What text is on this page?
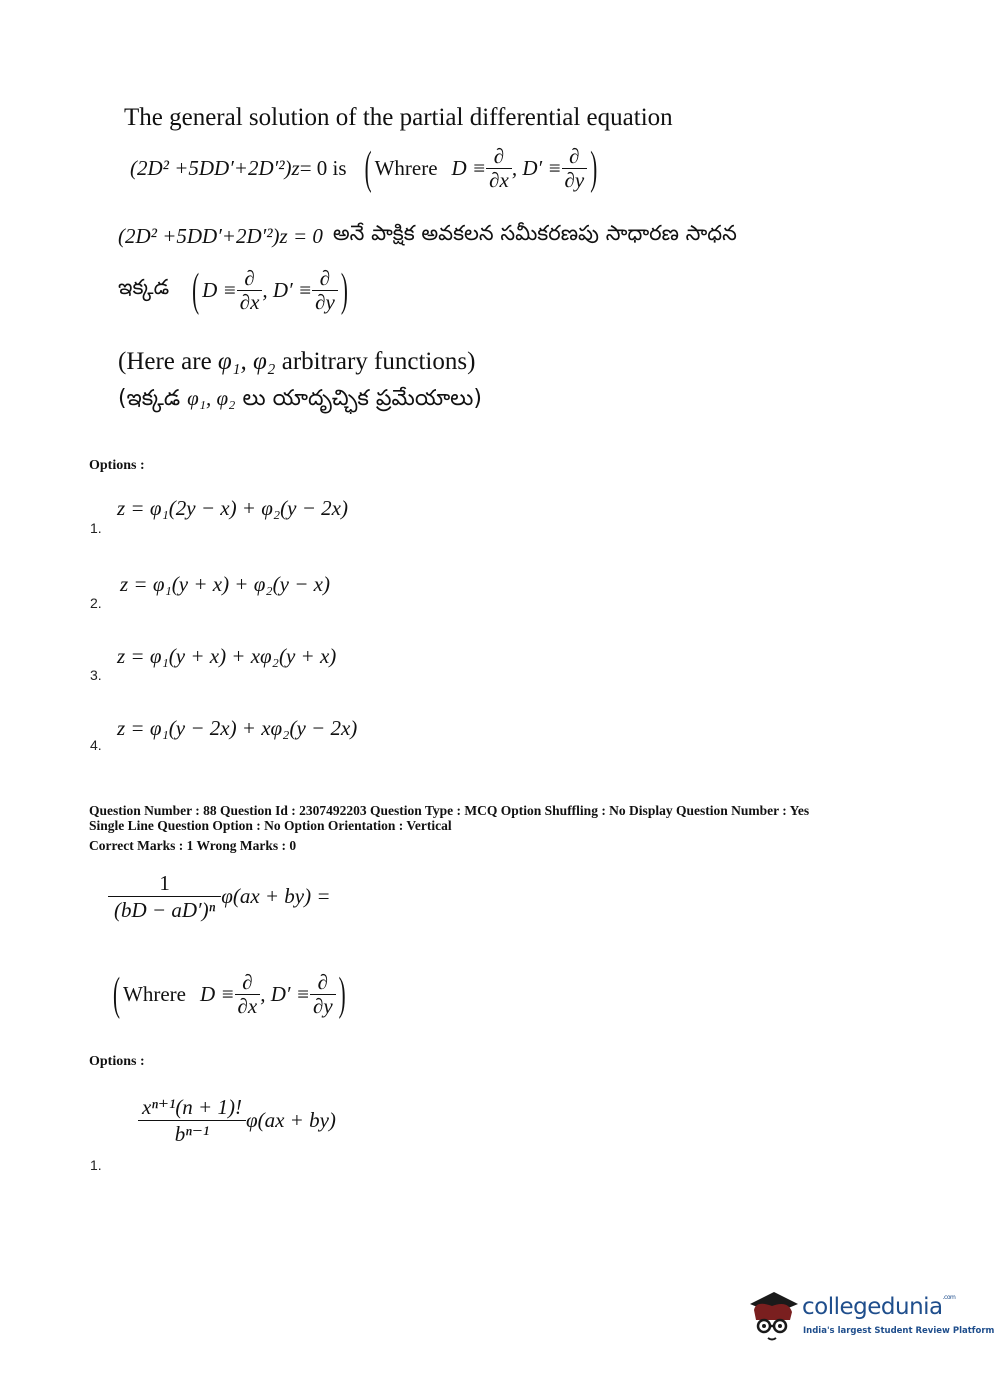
The general solution of the partial differential equation
(2D² +5DD′+2D′²)z = 0 is ( Whrere $D \equiv \frac{\partial}{\partial x}$ , $D' \equiv \frac{\partial}{\partial y}$ )
(2D² +5DD′+2D′²)z = 0 అనే పాక్షిక అవకలన సమీకరణపు సాధారణ సాధన
ఇక్కడ ( $D \equiv \frac{\partial}{\partial x}$ , $D' \equiv \frac{\partial}{\partial y}$ )
(Here are φ₁, φ₂ arbitrary functions)
(ఇక్కడ φ₁, φ₂ లు యాదృచ్ఛిక ప్రమేయాలు)
Options :
z = φ₁(2y − x) + φ₂(y − 2x)
1.
z = φ₁(y + x) + φ₂(y − x)
2.
z = φ₁(y + x) + xφ₂(y + x)
3.
z = φ₁(y − 2x) + xφ₂(y − 2x)
4.
Question Number : 88 Question Id : 2307492203 Question Type : MCQ Option Shuffling : No Display Question Number : Yes
Single Line Question Option : No Option Orientation : Vertical
Correct Marks : 1 Wrong Marks : 0
$\frac{1}{\text{(bD − aD′)ⁿ}} \varphi(ax + by)$ =
( Whrere $D \equiv \frac{\partial}{\partial x}$ , $D' \equiv \frac{\partial}{\partial y}$ )
Options :
$\frac{\text{xⁿ⁺¹(n + 1)!}}{\text{bⁿ⁻¹}} \varphi(ax + by)$
1.
collegedunia$^{.com}$
India's largest Student Review Platform
